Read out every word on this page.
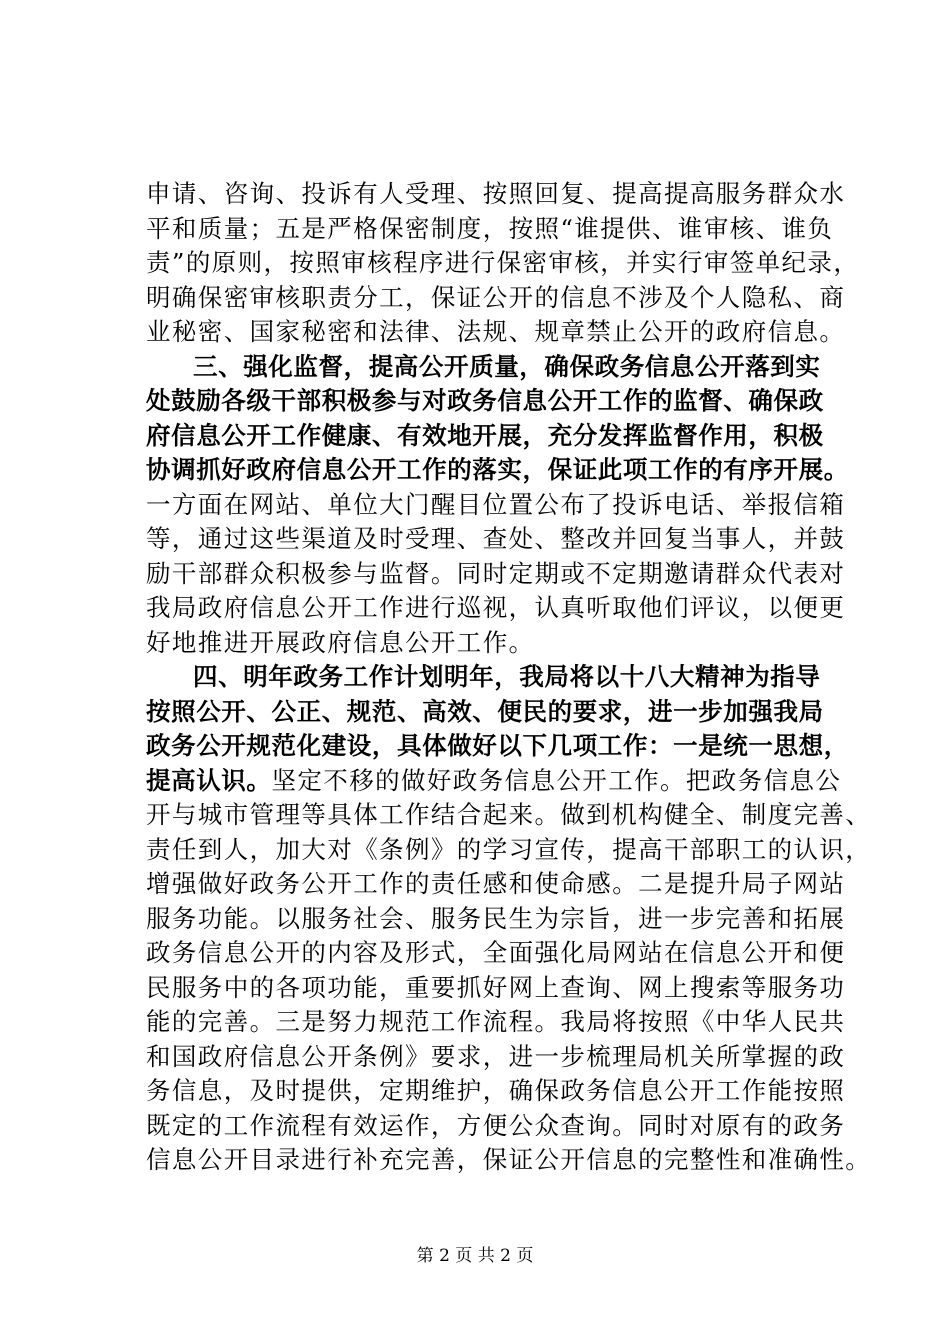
申请、咨询、投诉有人受理、按照回复、提高提高服务群众水
平和质量；五是严格保密制度，按照“谁提供、谁审核、谁负
责”的原则，按照审核程序进行保密审核，并实行审签单纪录，
明确保密审核职责分工，保证公开的信息不涉及个人隐私、商
业秘密、国家秘密和法律、法规、规章禁止公开的政府信息。
三、强化监督，提高公开质量，确保政务信息公开落到实
处鼓励各级干部积极参与对政务信息公开工作的监督、确保政
府信息公开工作健康、有效地开展，充分发挥监督作用，积极
协调抓好政府信息公开工作的落实，保证此项工作的有序开展。
一方面在网站、单位大门醒目位置公布了投诉电话、举报信箱
等，通过这些渠道及时受理、查处、整改并回复当事人，并鼓
励干部群众积极参与监督。同时定期或不定期邀请群众代表对
我局政府信息公开工作进行巡视，认真听取他们评议，以便更
好地推进开展政府信息公开工作。
四、明年政务工作计划明年，我局将以十八大精神为指导
按照公开、公正、规范、高效、便民的要求，进一步加强我局
政务公开规范化建设，具体做好以下几项工作：一是统一思想，
提高认识。坚定不移的做好政务信息公开工作。把政务信息公
开与城市管理等具体工作结合起来。做到机构健全、制度完善、
责任到人，加大对《条例》的学习宣传，提高干部职工的认识，
增强做好政务公开工作的责任感和使命感。二是提升局子网站
服务功能。以服务社会、服务民生为宗旨，进一步完善和拓展
政务信息公开的内容及形式，全面强化局网站在信息公开和便
民服务中的各项功能，重要抓好网上查询、网上搜索等服务功
能的完善。三是努力规范工作流程。我局将按照《中华人民共
和国政府信息公开条例》要求，进一步梳理局机关所掌握的政
务信息，及时提供，定期维护，确保政务信息公开工作能按照
既定的工作流程有效运作，方便公众查询。同时对原有的政务
信息公开目录进行补充完善，保证公开信息的完整性和准确性。
第 2 页 共 2 页
